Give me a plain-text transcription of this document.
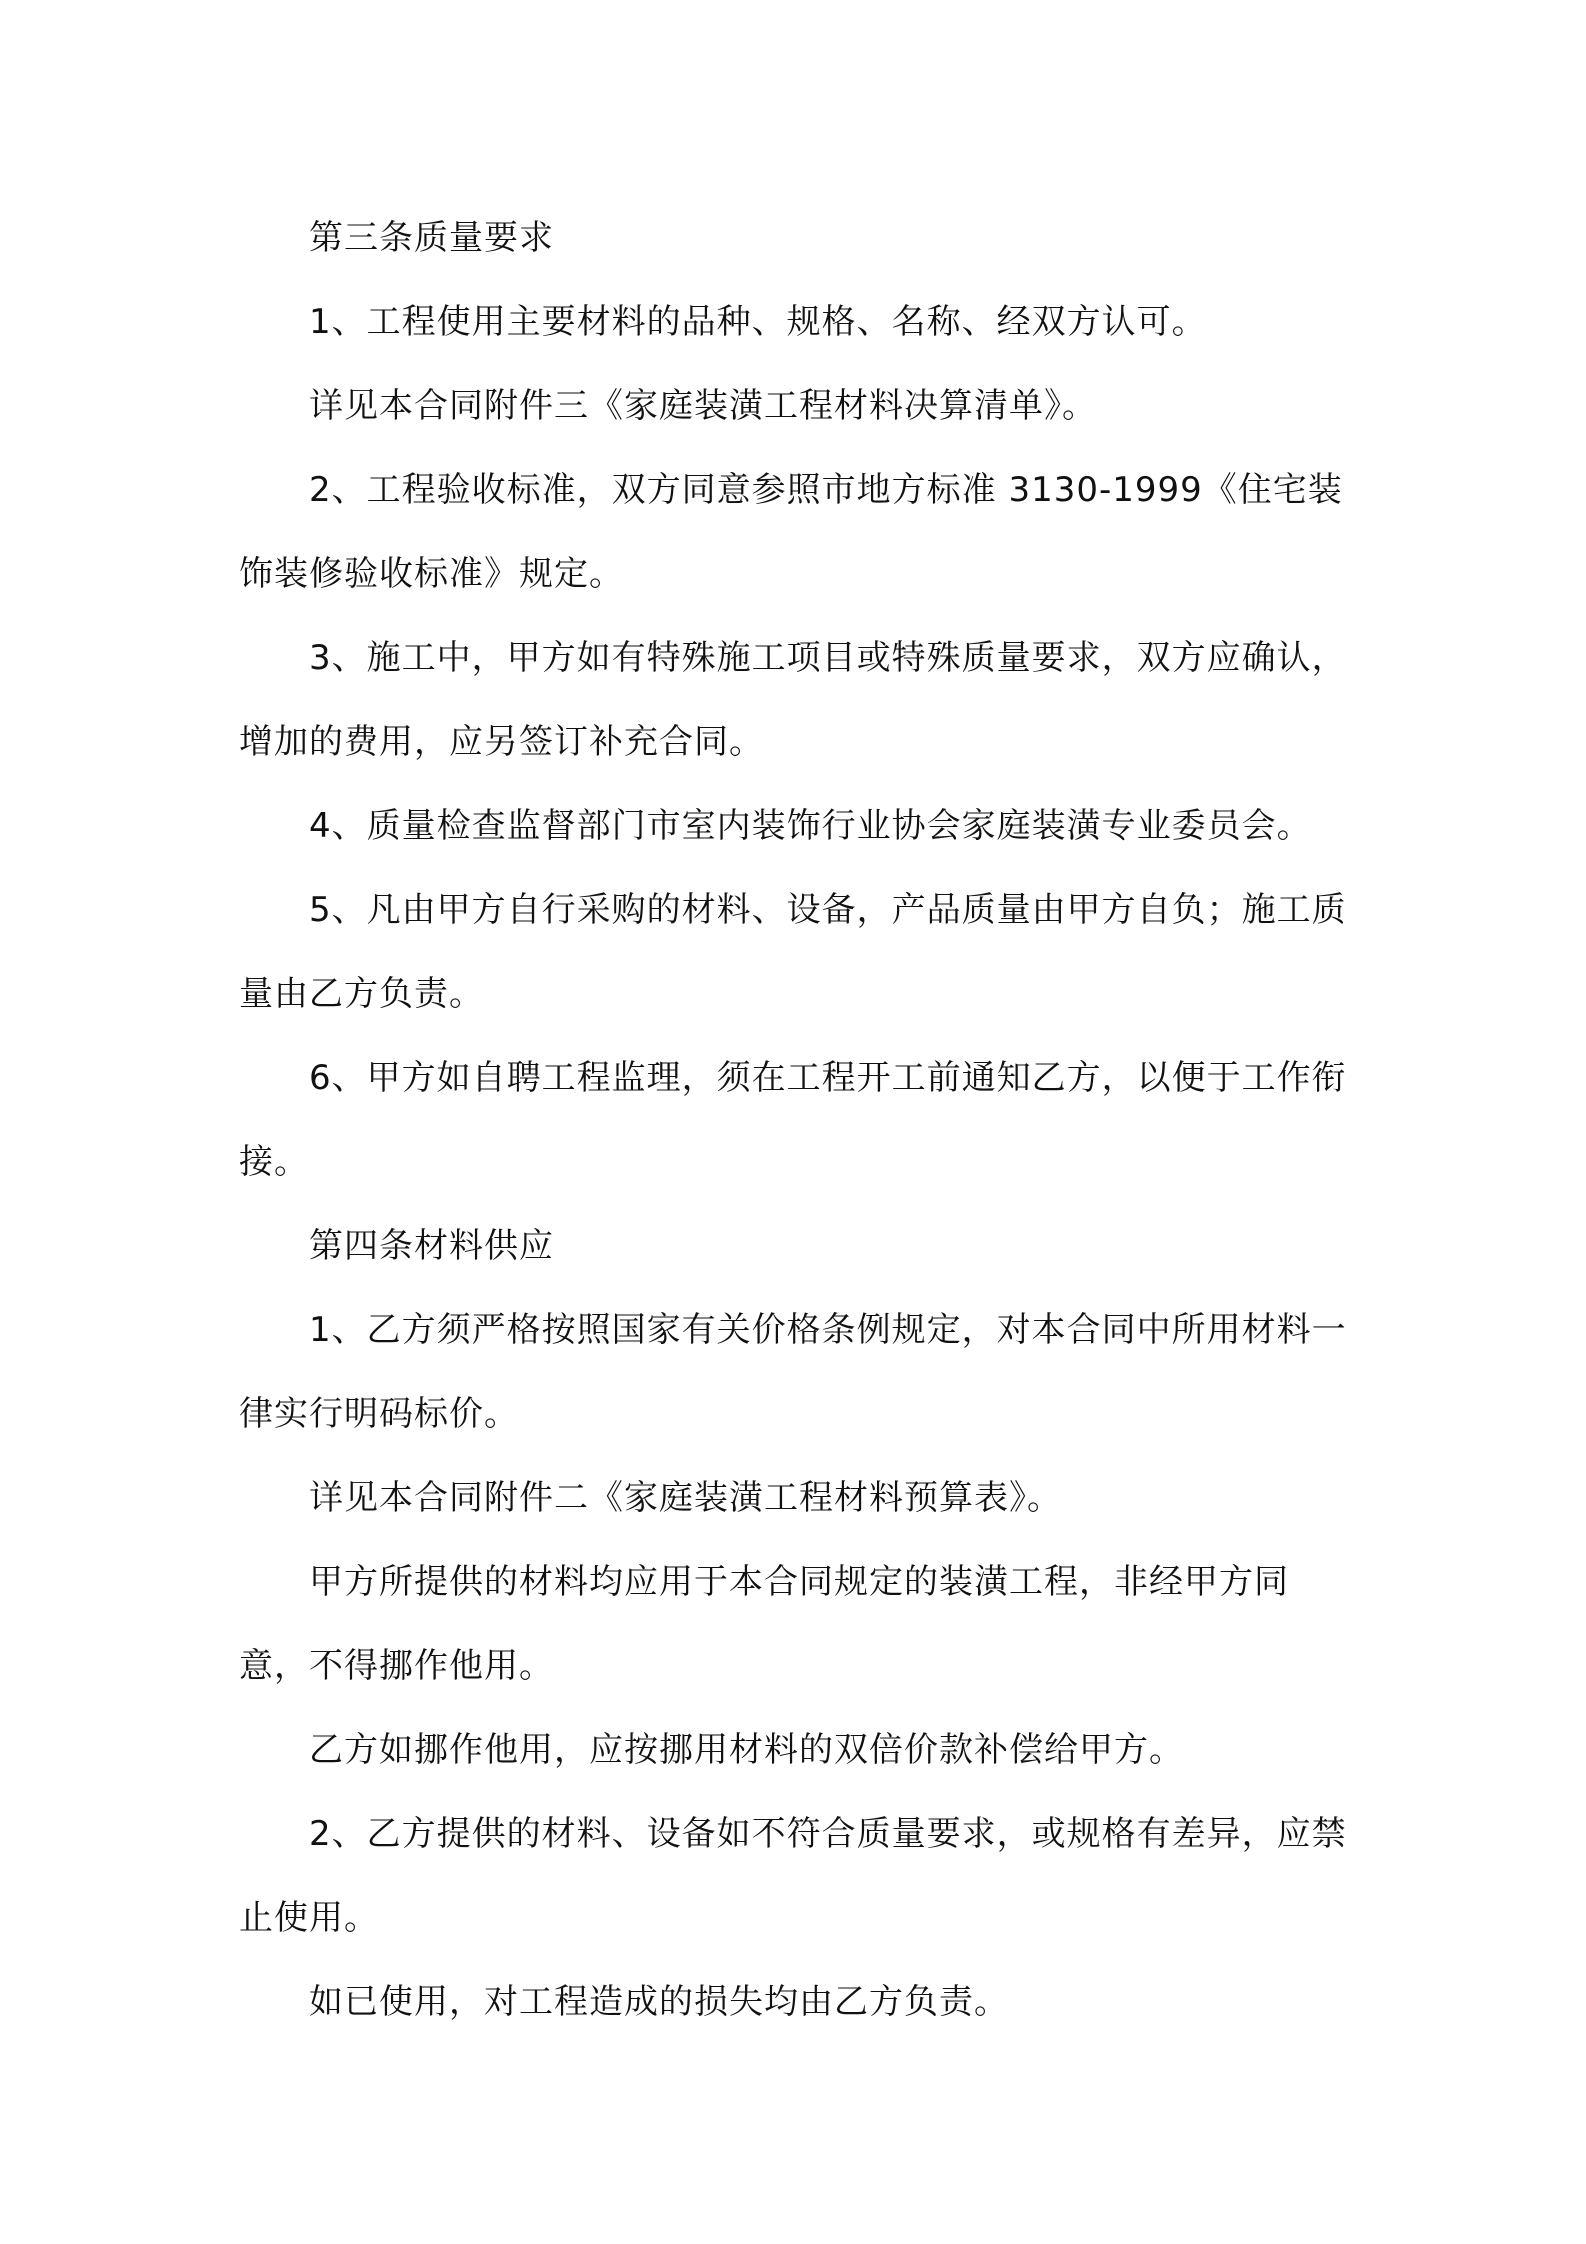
第三条质量要求

1、工程使用主要材料的品种、规格、名称、经双方认可。

详见本合同附件三《家庭装潢工程材料决算清单》。

2、工程验收标准，双方同意参照市地方标准 3130-1999《住宅装饰装修验收标准》规定。

3、施工中，甲方如有特殊施工项目或特殊质量要求，双方应确认，增加的费用，应另签订补充合同。

4、质量检查监督部门市室内装饰行业协会家庭装潢专业委员会。

5、凡由甲方自行采购的材料、设备，产品质量由甲方自负；施工质量由乙方负责。

6、甲方如自聘工程监理，须在工程开工前通知乙方，以便于工作衔接。

第四条材料供应

1、乙方须严格按照国家有关价格条例规定，对本合同中所用材料一律实行明码标价。

详见本合同附件二《家庭装潢工程材料预算表》。

甲方所提供的材料均应用于本合同规定的装潢工程，非经甲方同意，不得挪作他用。

乙方如挪作他用，应按挪用材料的双倍价款补偿给甲方。

2、乙方提供的材料、设备如不符合质量要求，或规格有差异，应禁止使用。

如已使用，对工程造成的损失均由乙方负责。
